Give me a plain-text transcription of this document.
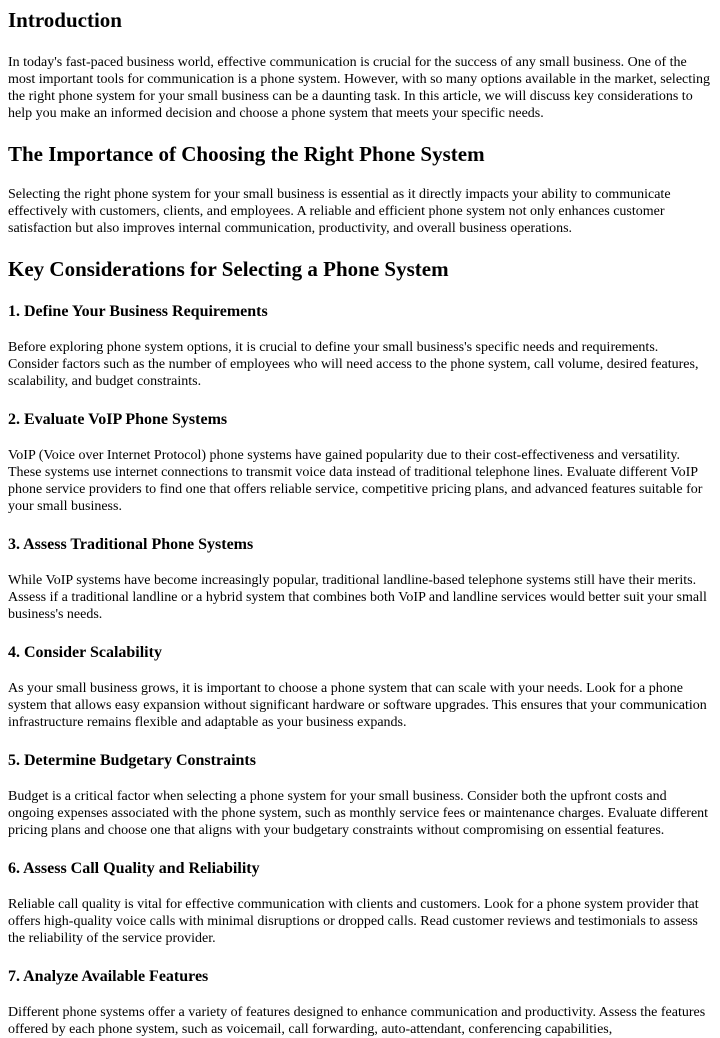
Introduction

In today's fast-paced business world, effective communication is crucial for the success of any small business. One of the most important tools for communication is a phone system. However, with so many options available in the market, selecting the right phone system for your small business can be a daunting task. In this article, we will discuss key considerations to help you make an informed decision and choose a phone system that meets your specific needs.

The Importance of Choosing the Right Phone System

Selecting the right phone system for your small business is essential as it directly impacts your ability to communicate effectively with customers, clients, and employees. A reliable and efficient phone system not only enhances customer satisfaction but also improves internal communication, productivity, and overall business operations.

Key Considerations for Selecting a Phone System
1. Define Your Business Requirements

Before exploring phone system options, it is crucial to define your small business's specific needs and requirements. Consider factors such as the number of employees who will need access to the phone system, call volume, desired features, scalability, and budget constraints.

2. Evaluate VoIP Phone Systems

VoIP (Voice over Internet Protocol) phone systems have gained popularity due to their cost-effectiveness and versatility. These systems use internet connections to transmit voice data instead of traditional telephone lines. Evaluate different VoIP phone service providers to find one that offers reliable service, competitive pricing plans, and advanced features suitable for your small business.

3. Assess Traditional Phone Systems

While VoIP systems have become increasingly popular, traditional landline-based telephone systems still have their merits. Assess if a traditional landline or a hybrid system that combines both VoIP and landline services would better suit your small business's needs.

4. Consider Scalability

As your small business grows, it is important to choose a phone system that can scale with your needs. Look for a phone system that allows easy expansion without significant hardware or software upgrades. This ensures that your communication infrastructure remains flexible and adaptable as your business expands.

5. Determine Budgetary Constraints

Budget is a critical factor when selecting a phone system for your small business. Consider both the upfront costs and ongoing expenses associated with the phone system, such as monthly service fees or maintenance charges. Evaluate different pricing plans and choose one that aligns with your budgetary constraints without compromising on essential features.

6. Assess Call Quality and Reliability

Reliable call quality is vital for effective communication with clients and customers. Look for a phone system provider that offers high-quality voice calls with minimal disruptions or dropped calls. Read customer reviews and testimonials to assess the reliability of the service provider.

7. Analyze Available Features

Different phone systems offer a variety of features designed to enhance communication and productivity. Assess the features offered by each phone system, such as voicemail, call forwarding, auto-attendant, conferencing capabilities,
